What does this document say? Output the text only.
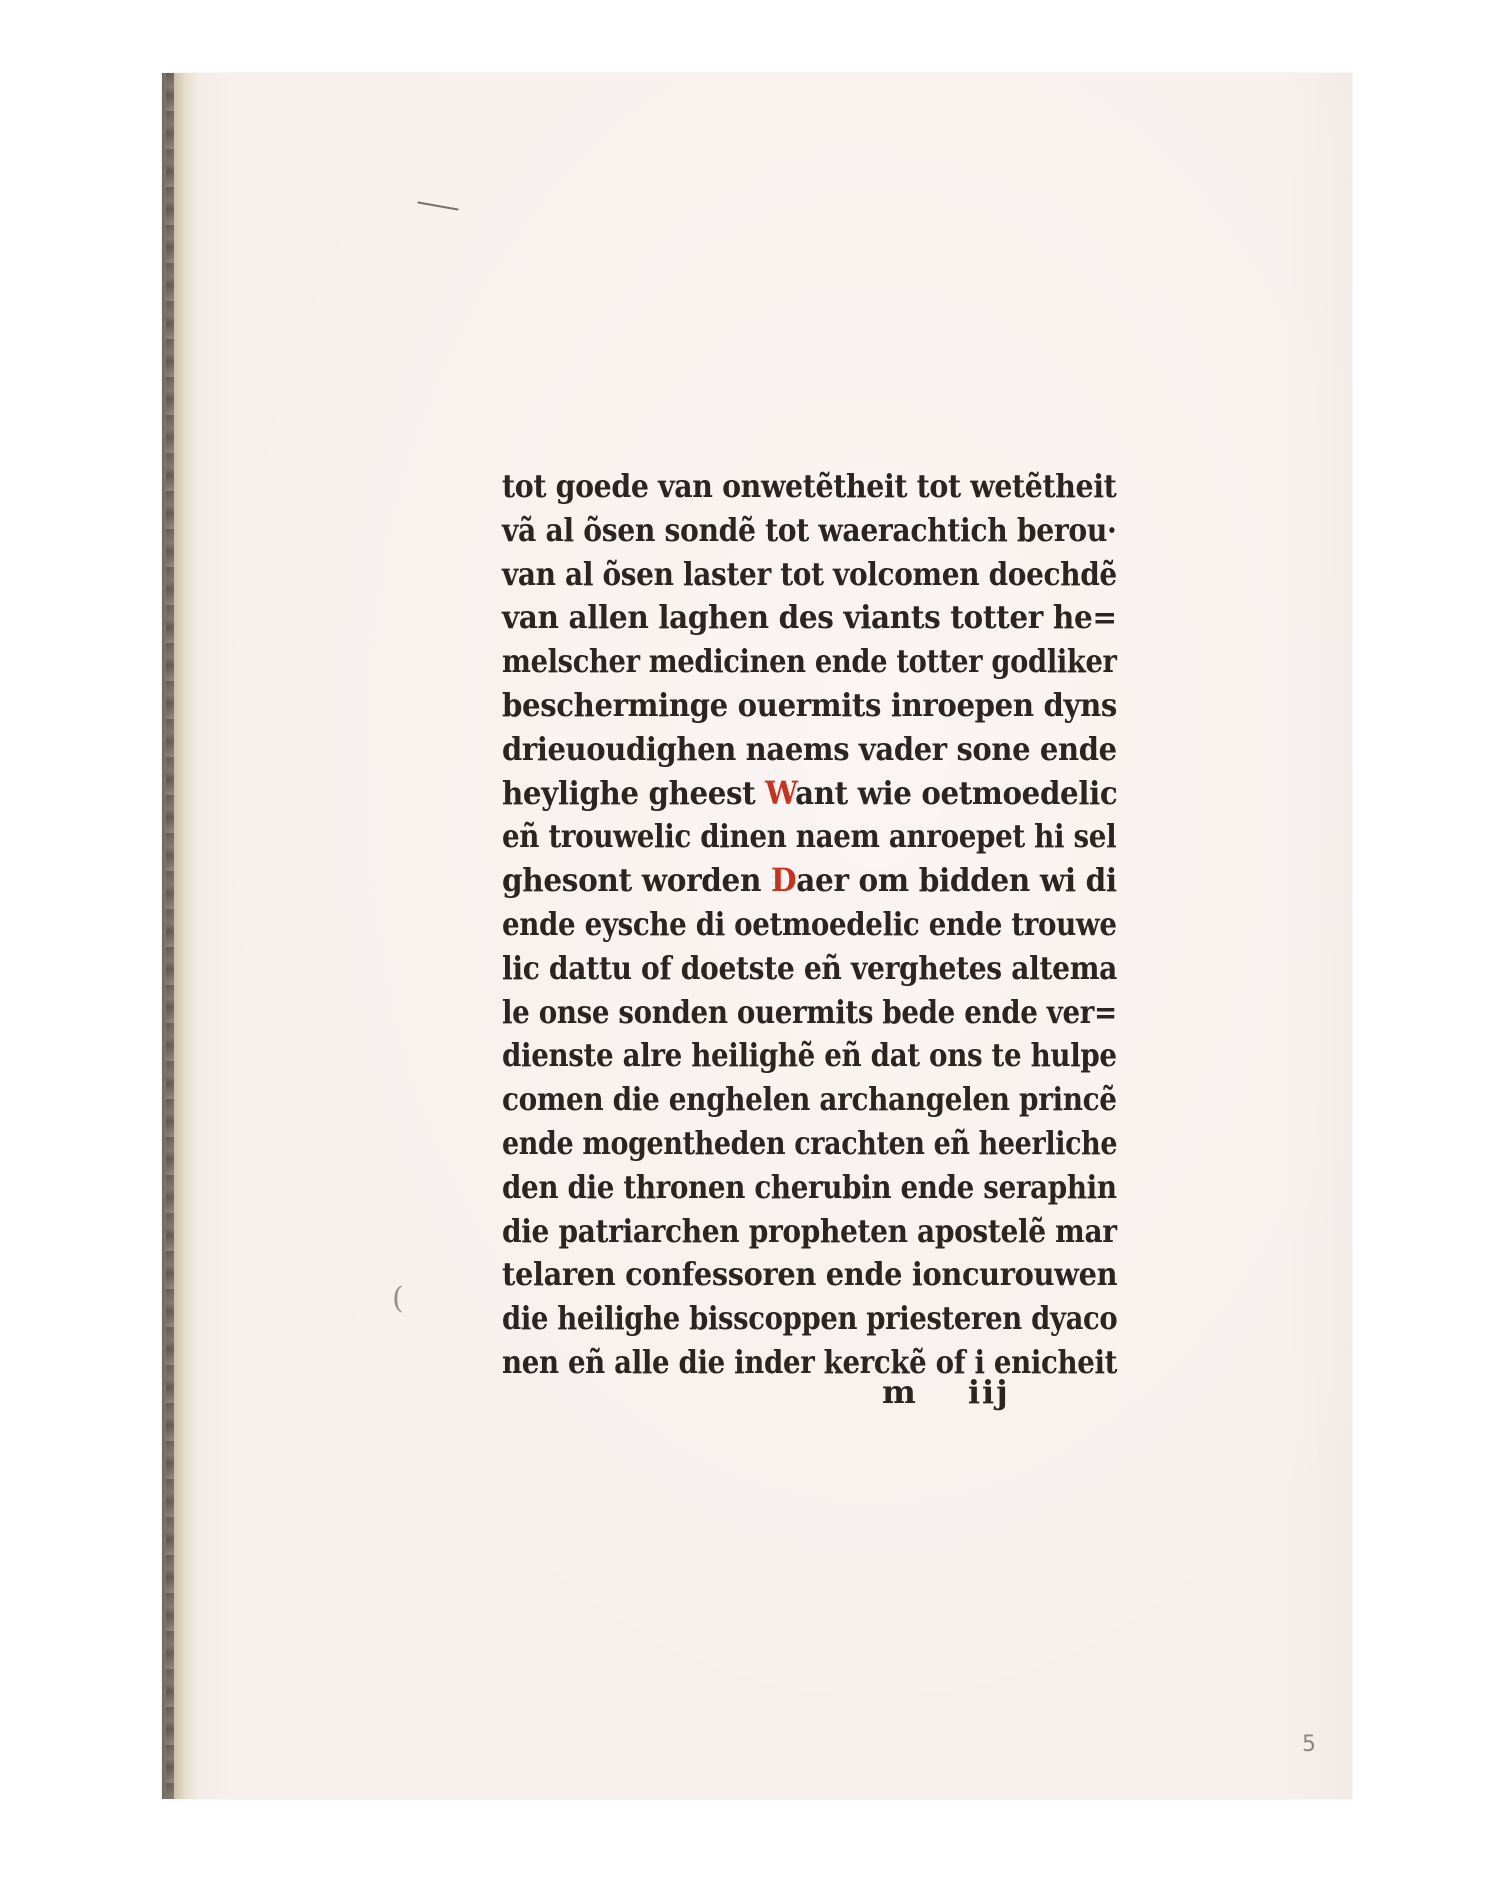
(
tot goede van onwetẽtheit tot wetẽtheit
vã al õsen sondẽ tot waerachtich berou·
van al õsen laster tot volcomen doechdẽ
van allen laghen des viants totter he=
melscher medicinen ende totter godliker
bescherminge ouermits inroepen dyns
drieuoudighen naems vader sone ende
heylighe gheest Want wie oetmoedelic
eñ trouwelic dinen naem anroepet hi sel
ghesont worden Daer om bidden wi di
ende eysche di oetmoedelic ende trouwe
lic dattu of doetste eñ verghetes altema
le onse sonden ouermits bede ende ver=
dienste alre heilighẽ eñ dat ons te hulpe
comen die enghelen archangelen princẽ
ende mogentheden crachten eñ heerliche
den die thronen cherubin ende seraphin
die patriarchen propheten apostelẽ mar
telaren confessoren ende ioncurouwen
die heilighe bisscoppen priesteren dyaco
nen eñ alle die inder kerckẽ of i enicheit
m iij
5
